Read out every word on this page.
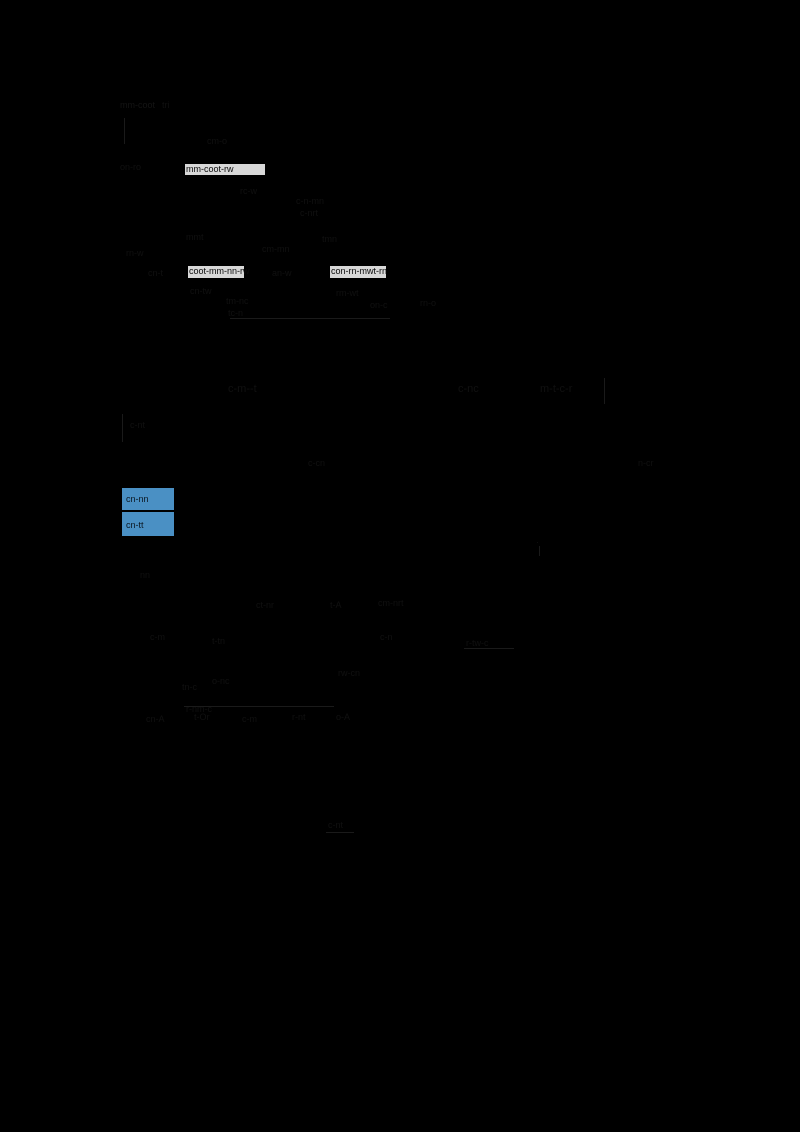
mm-coot tri
cm-o
on-ro	mm-coot-rw
rc-w
c-n-mn
c-nrt
mmt
cm-mn
tmn
rn-w
coot-mm-nn-rw
cn-t	con-rn-mwt-rn
an-w
cn-tw
tm-nc
rm-wt
on-c	rn-o
tc-n
c-m--t	c-nc	m-t-c-r
c-nt
c-cn	n-cr
cn-nn
cn-tt
·
nn
ct-nr	t-A	cm-nrt
c-m	t-tn	c-n
r-tw-c
tn-c
rw-cn
o-nc
r-nm-c
cn-A	t-Or	c-m	r-nt	o-A
c-nt
